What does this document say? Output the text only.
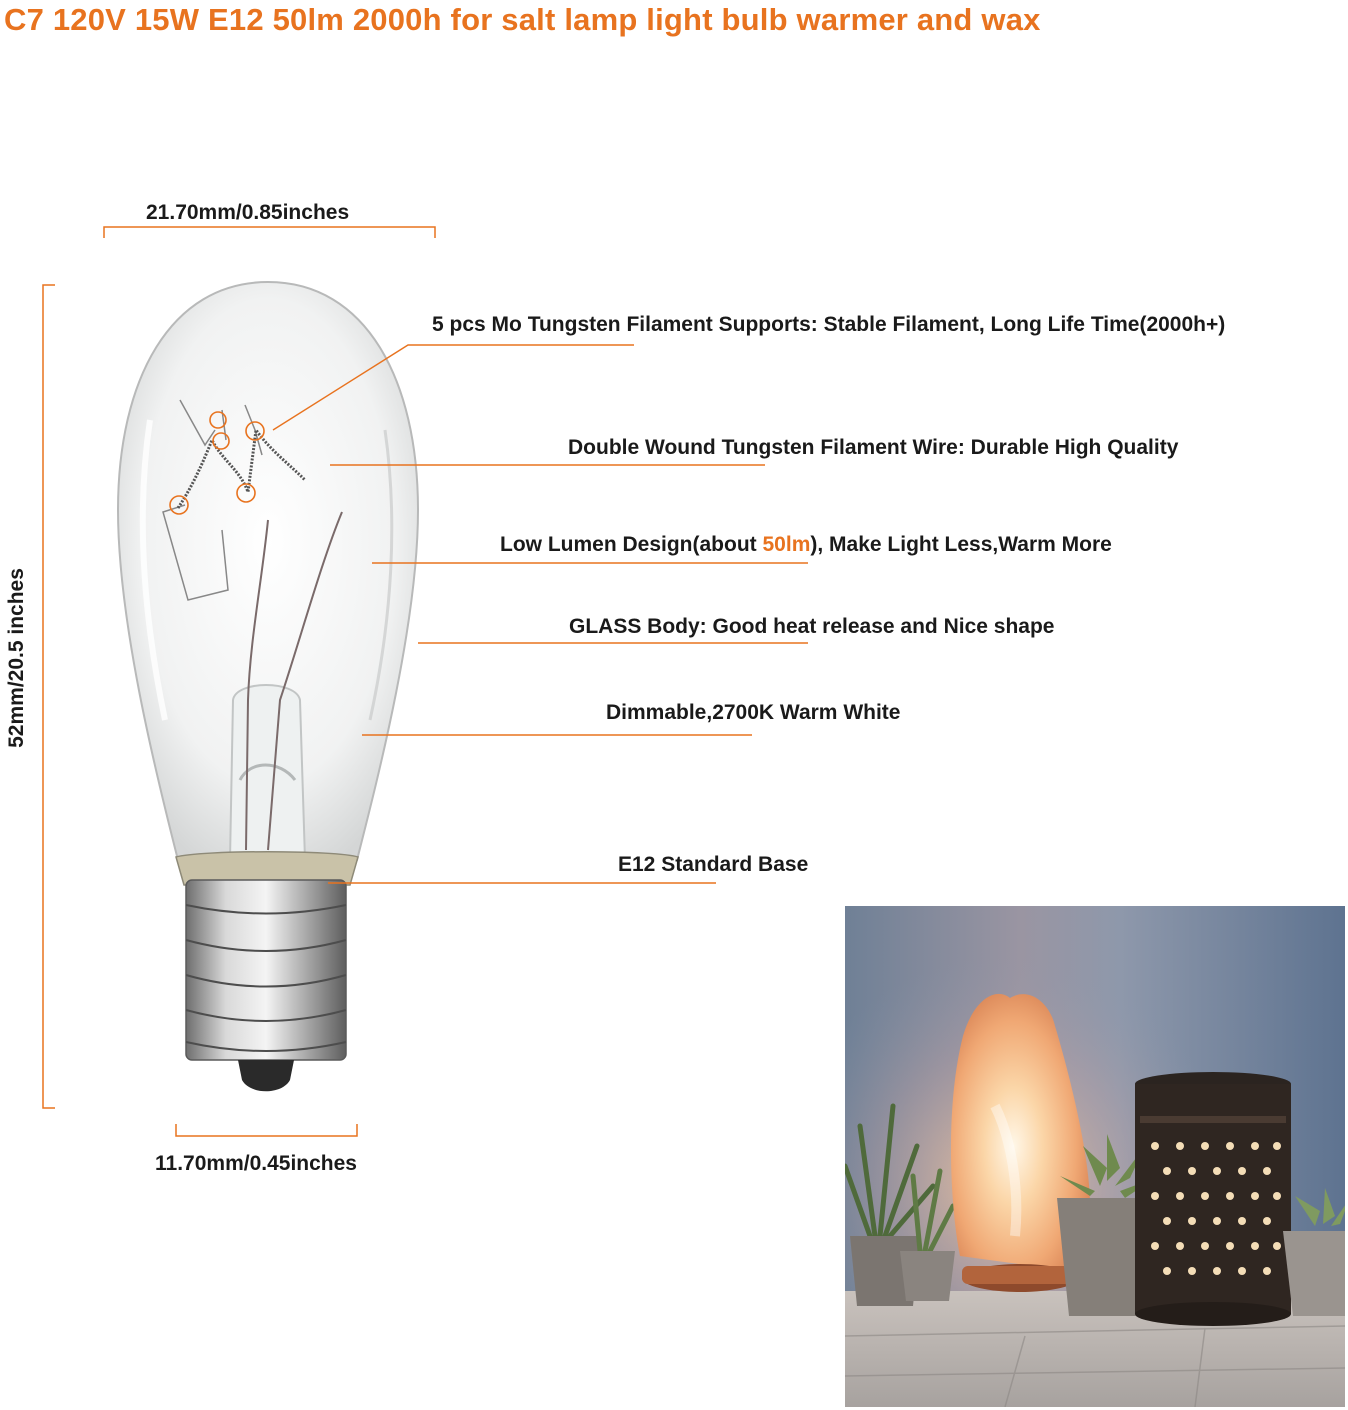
C7 120V 15W E12 50lm 2000h for salt lamp light bulb warmer and wax
21.70mm/0.85inches
52mm/20.5 inches
11.70mm/0.45inches
5 pcs Mo Tungsten Filament Supports: Stable Filament, Long Life Time(2000h+)
Double Wound Tungsten Filament Wire: Durable High Quality
Low Lumen Design(about 50lm), Make Light Less,Warm More
GLASS Body: Good heat release and Nice shape
Dimmable,2700K Warm White
E12 Standard Base
